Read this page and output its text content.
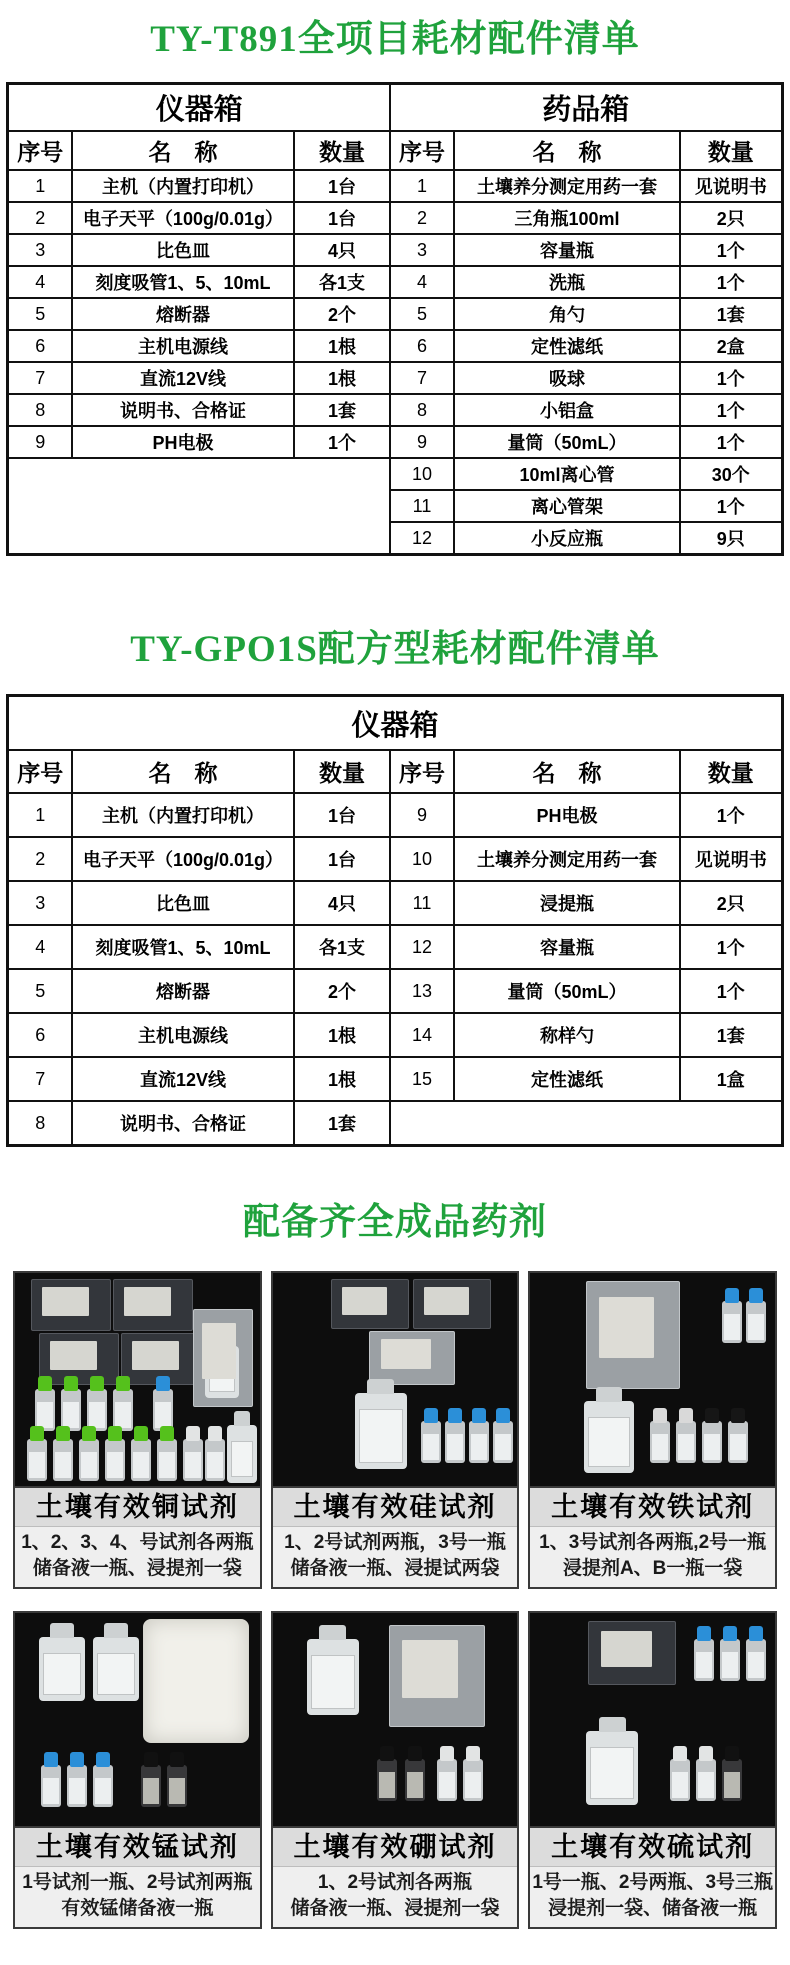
TY-T891全项目耗材配件清单
仪器箱			药品箱		
序号	名　称	数量	序号	名　称	数量
1	主机（内置打印机）	1台	1	土壤养分测定用药一套	见说明书
2	电子天平（100g/0.01g）	1台	2	三角瓶100ml	2只
3	比色皿	4只	3	容量瓶	1个
4	刻度吸管1、5、10mL	各1支	4	洗瓶	1个
5	熔断器	2个	5	角勺	1套
6	主机电源线	1根	6	定性滤纸	2盒
7	直流12V线	1根	7	吸球	1个
8	说明书、合格证	1套	8	小铝盒	1个
9	PH电极	1个	9	量筒（50mL）	1个
			10	10ml离心管	30个
			11	离心管架	1个
			12	小反应瓶	9只
TY-GPO1S配方型耗材配件清单
仪器箱					
序号	名　称	数量	序号	名　称	数量
1	主机（内置打印机）	1台	9	PH电极	1个
2	电子天平（100g/0.01g）	1台	10	土壤养分测定用药一套	见说明书
3	比色皿	4只	11	浸提瓶	2只
4	刻度吸管1、5、10mL	各1支	12	容量瓶	1个
5	熔断器	2个	13	量筒（50mL）	1个
6	主机电源线	1根	14	称样勺	1套
7	直流12V线	1根	15	定性滤纸	1盒
8	说明书、合格证	1套			
配备齐全成品药剂
土壤有效铜试剂
1、2、3、4、号试剂各两瓶
储备液一瓶、浸提剂一袋
土壤有效硅试剂
1、2号试剂两瓶，3号一瓶
储备液一瓶、浸提试两袋
土壤有效铁试剂
1、3号试剂各两瓶,2号一瓶
浸提剂A、B一瓶一袋
土壤有效锰试剂
1号试剂一瓶、2号试剂两瓶
有效锰储备液一瓶
土壤有效硼试剂
1、2号试剂各两瓶
储备液一瓶、浸提剂一袋
土壤有效硫试剂
1号一瓶、2号两瓶、3号三瓶
浸提剂一袋、储备液一瓶
